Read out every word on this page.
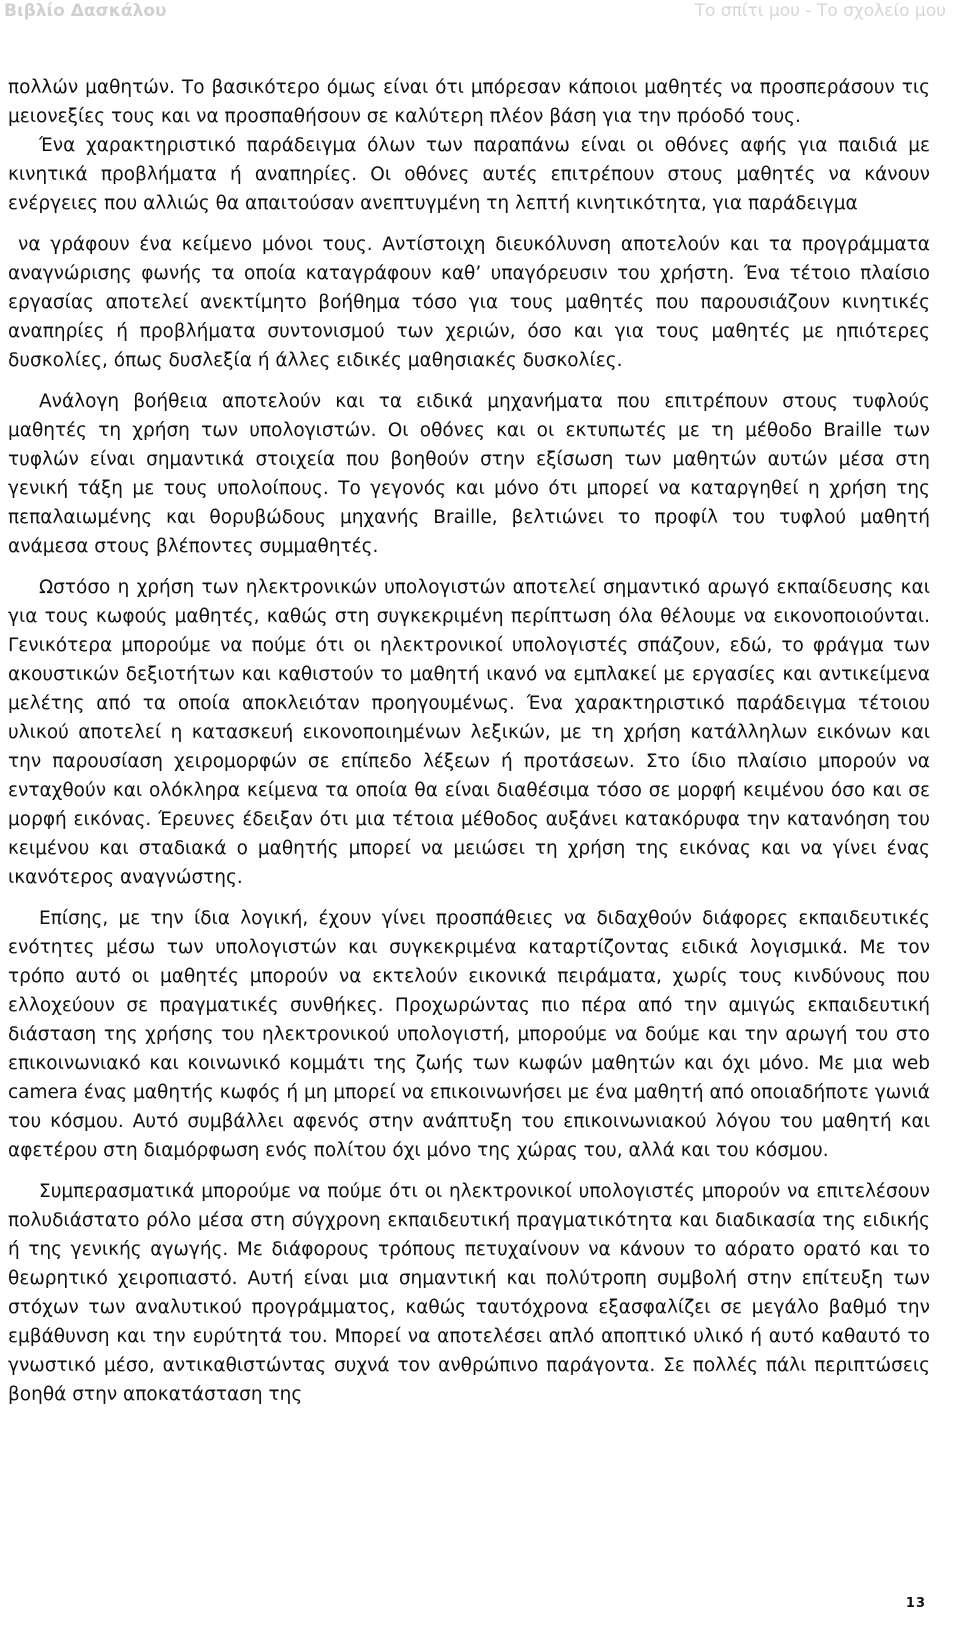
Βιβλίο Δασκάλου	Το σπίτι μου - Το σχολείο μου

πολλών μαθητών. Το βασικότερο όμως είναι ότι μπόρεσαν κάποιοι μαθητές να προσπεράσουν τις μειονεξίες τους και να προσπαθήσουν σε καλύτερη πλέον βάση για την πρόοδό τους.

Ένα χαρακτηριστικό παράδειγμα όλων των παραπάνω είναι οι οθόνες αφής για παιδιά με κινητικά προβλήματα ή αναπηρίες. Οι οθόνες αυτές επιτρέπουν στους μαθητές να κάνουν ενέργειες που αλλιώς θα απαιτούσαν ανεπτυγμένη τη λεπτή κινητικότητα, για παράδειγμα

να γράφουν ένα κείμενο μόνοι τους. Αντίστοιχη διευκόλυνση αποτελούν και τα προγράμματα αναγνώρισης φωνής τα οποία καταγράφουν καθ’ υπαγόρευσιν του χρήστη. Ένα τέτοιο πλαίσιο εργασίας αποτελεί ανεκτίμητο βοήθημα τόσο για τους μαθητές που παρουσιάζουν κινητικές αναπηρίες ή προβλήματα συντονισμού των χεριών, όσο και για τους μαθητές με ηπιότερες δυσκολίες, όπως δυσλεξία ή άλλες ειδικές μαθησιακές δυσκολίες.

Ανάλογη βοήθεια αποτελούν και τα ειδικά μηχανήματα που επιτρέπουν στους τυφλούς μαθητές τη χρήση των υπολογιστών. Οι οθόνες και οι εκτυπωτές με τη μέθοδο Braille των τυφλών είναι σημαντικά στοιχεία που βοηθούν στην εξίσωση των μαθητών αυτών μέσα στη γενική τάξη με τους υπολοίπους. Το γεγονός και μόνο ότι μπορεί να καταργηθεί η χρήση της πεπαλαιωμένης και θορυβώδους μηχανής Braille, βελτιώνει το προφίλ του τυφλού μαθητή ανάμεσα στους βλέποντες συμμαθητές.

Ωστόσο η χρήση των ηλεκτρονικών υπολογιστών αποτελεί σημαντικό αρωγό εκπαίδευσης και για τους κωφούς μαθητές, καθώς στη συγκεκριμένη περίπτωση όλα θέλουμε να εικονοποιούνται. Γενικότερα μπορούμε να πούμε ότι οι ηλεκτρονικοί υπολογιστές σπάζουν, εδώ, το φράγμα των ακουστικών δεξιοτήτων και καθιστούν το μαθητή ικανό να εμπλακεί με εργασίες και αντικείμενα μελέτης από τα οποία αποκλειόταν προηγουμένως. Ένα χαρακτηριστικό παράδειγμα τέτοιου υλικού αποτελεί η κατασκευή εικονοποιημένων λεξικών, με τη χρήση κατάλληλων εικόνων και την παρουσίαση χειρομορφών σε επίπεδο λέξεων ή προτάσεων. Στο ίδιο πλαίσιο μπορούν να ενταχθούν και ολόκληρα κείμενα τα οποία θα είναι διαθέσιμα τόσο σε μορφή κειμένου όσο και σε μορφή εικόνας. Έρευνες έδειξαν ότι μια τέτοια μέθοδος αυξάνει κατακόρυφα την κατανόηση του κειμένου και σταδιακά ο μαθητής μπορεί να μειώσει τη χρήση της εικόνας και να γίνει ένας ικανότερος αναγνώστης.

Επίσης, με την ίδια λογική, έχουν γίνει προσπάθειες να διδαχθούν διάφορες εκπαιδευτικές ενότητες μέσω των υπολογιστών και συγκεκριμένα καταρτίζοντας ειδικά λογισμικά. Με τον τρόπο αυτό οι μαθητές μπορούν να εκτελούν εικονικά πειράματα, χωρίς τους κινδύνους που ελλοχεύουν σε πραγματικές συνθήκες. Προχωρώντας πιο πέρα από την αμιγώς εκπαιδευτική διάσταση της χρήσης του ηλεκτρονικού υπολογιστή, μπορούμε να δούμε και την αρωγή του στο επικοινωνιακό και κοινωνικό κομμάτι της ζωής των κωφών μαθητών και όχι μόνο. Με μια web camera ένας μαθητής κωφός ή μη μπορεί να επικοινωνήσει με ένα μαθητή από οποιαδήποτε γωνιά του κόσμου. Αυτό συμβάλλει αφενός στην ανάπτυξη του επικοινωνιακού λόγου του μαθητή και αφετέρου στη διαμόρφωση ενός πολίτου όχι μόνο της χώρας του, αλλά και του κόσμου.

Συμπερασματικά μπορούμε να πούμε ότι οι ηλεκτρονικοί υπολογιστές μπορούν να επιτελέσουν πολυδιάστατο ρόλο μέσα στη σύγχρονη εκπαιδευτική πραγματικότητα και διαδικασία της ειδικής ή της γενικής αγωγής. Με διάφορους τρόπους πετυχαίνουν να κάνουν το αόρατο ορατό και το θεωρητικό χειροπιαστό. Αυτή είναι μια σημαντική και πολύτροπη συμβολή στην επίτευξη των στόχων των αναλυτικού προγράμματος, καθώς ταυτόχρονα εξασφαλίζει σε μεγάλο βαθμό την εμβάθυνση και την ευρύτητά του. Μπορεί να αποτελέσει απλό αποπτικό υλικό ή αυτό καθαυτό το γνωστικό μέσο, αντικαθιστώντας συχνά τον ανθρώπινο παράγοντα. Σε πολλές πάλι περιπτώσεις βοηθά στην αποκατάσταση της

13
